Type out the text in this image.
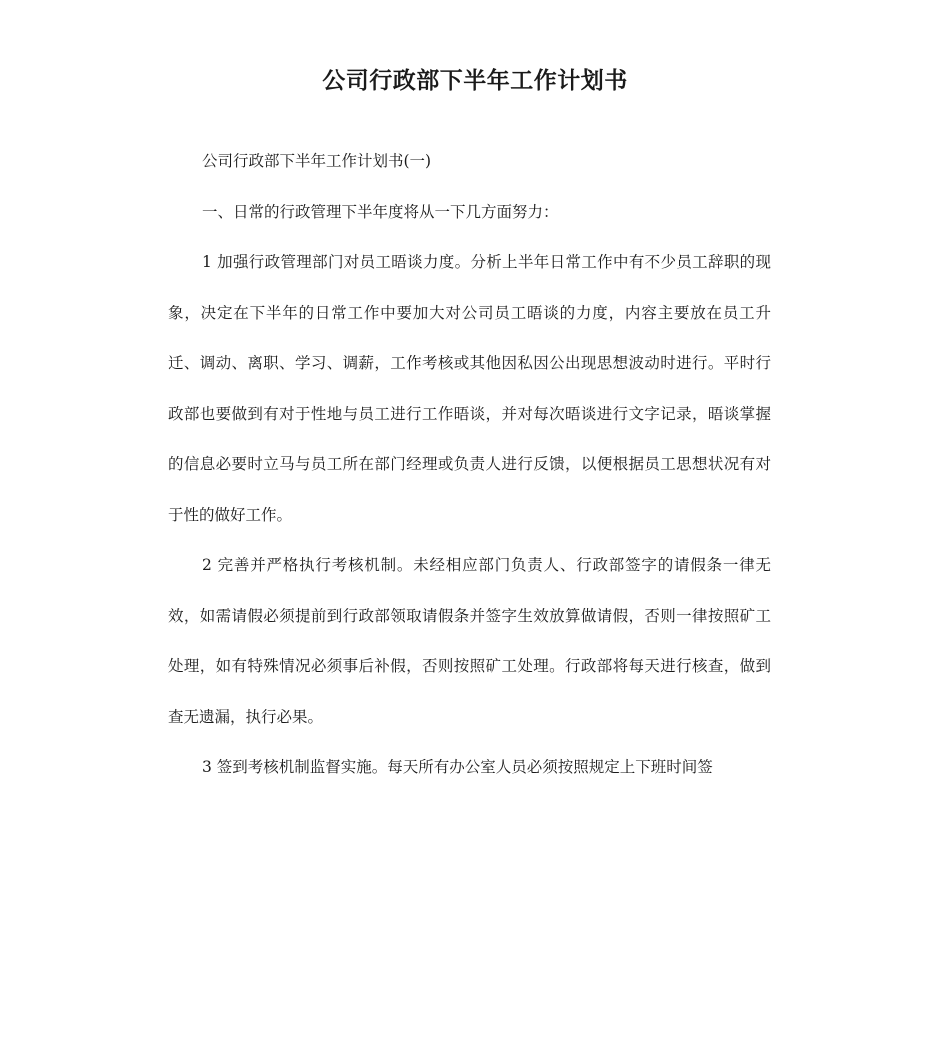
公司行政部下半年工作计划书

公司行政部下半年工作计划书(一)

一、日常的行政管理下半年度将从一下几方面努力：

1 加强行政管理部门对员工晤谈力度。分析上半年日常工作中有不少员工辞职的现象，决定在下半年的日常工作中要加大对公司员工晤谈的力度，内容主要放在员工升迁、调动、离职、学习、调薪，工作考核或其他因私因公出现思想波动时进行。平时行政部也要做到有对于性地与员工进行工作晤谈，并对每次晤谈进行文字记录，晤谈掌握的信息必要时立马与员工所在部门经理或负责人进行反馈，以便根据员工思想状况有对于性的做好工作。

2 完善并严格执行考核机制。未经相应部门负责人、行政部签字的请假条一律无效，如需请假必须提前到行政部领取请假条并签字生效放算做请假，否则一律按照矿工处理，如有特殊情况必须事后补假，否则按照矿工处理。行政部将每天进行核查，做到查无遗漏，执行必果。

3 签到考核机制监督实施。每天所有办公室人员必须按照规定上下班时间签
